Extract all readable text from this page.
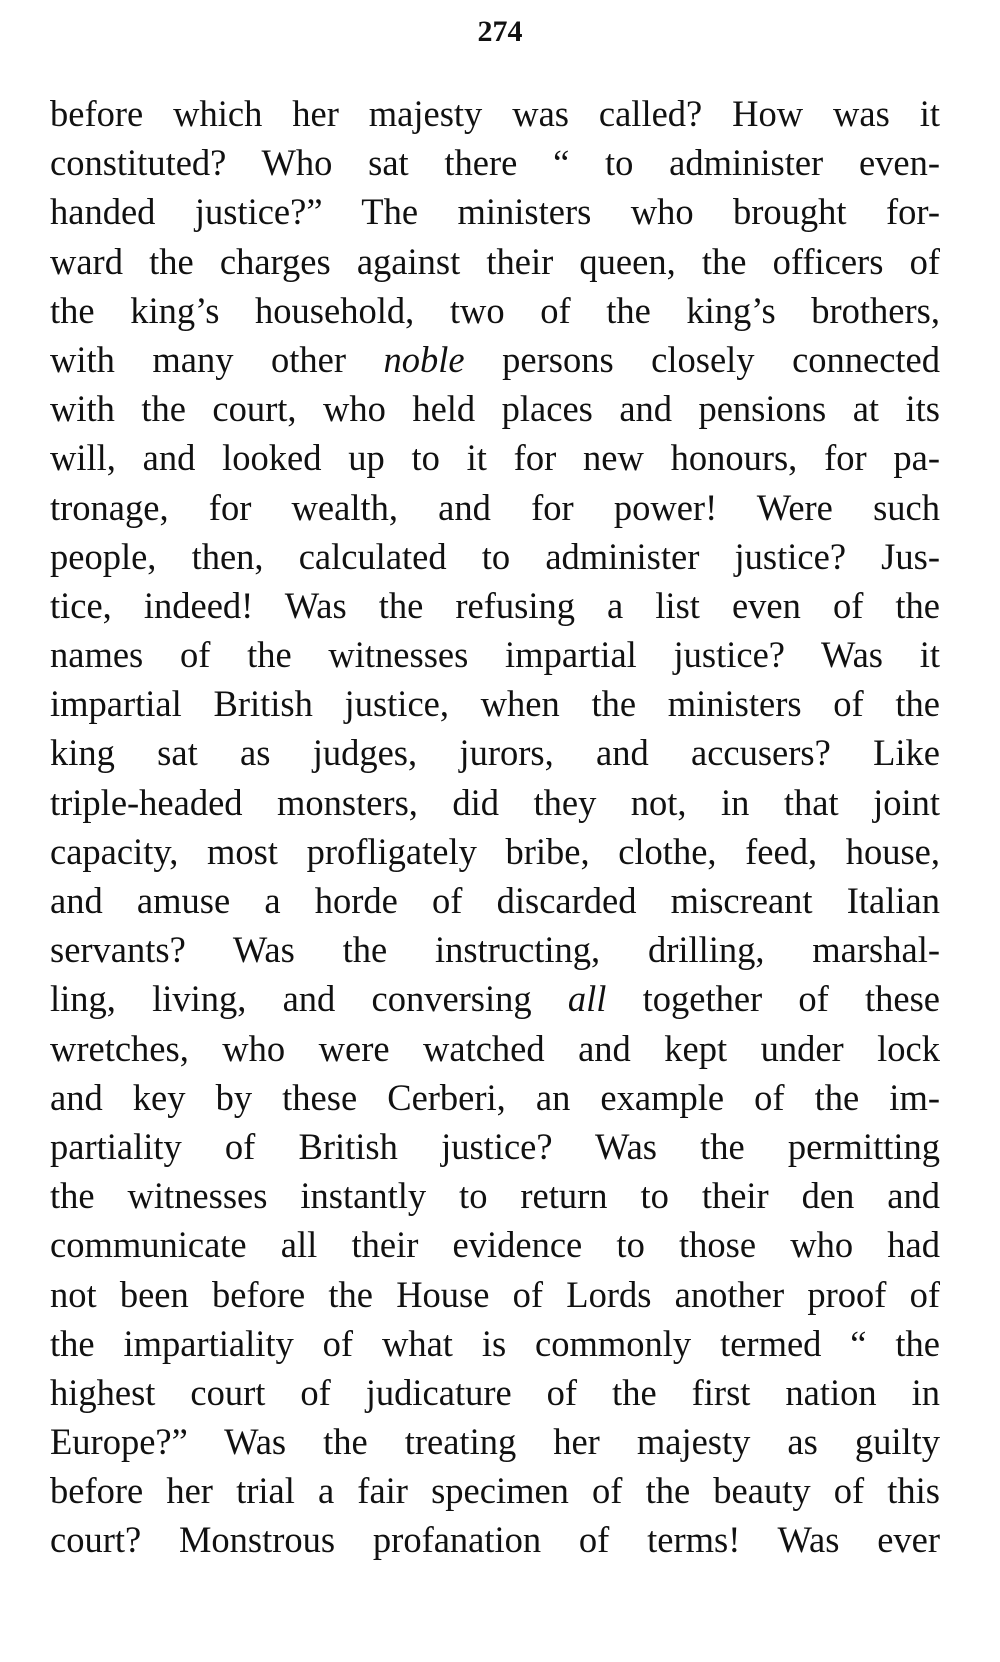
274
before which her majesty was called? How was it
constituted? Who sat there “ to administer even-
handed justice?” The ministers who brought for-
ward the charges against their queen, the officers of
the king’s household, two of the king’s brothers,
with many other noble persons closely connected
with the court, who held places and pensions at its
will, and looked up to it for new honours, for pa-
tronage, for wealth, and for power! Were such
people, then, calculated to administer justice? Jus-
tice, indeed! Was the refusing a list even of the
names of the witnesses impartial justice? Was it
impartial British justice, when the ministers of the
king sat as judges, jurors, and accusers? Like
triple-headed monsters, did they not, in that joint
capacity, most profligately bribe, clothe, feed, house,
and amuse a horde of discarded miscreant Italian
servants? Was the instructing, drilling, marshal-
ling, living, and conversing all together of these
wretches, who were watched and kept under lock
and key by these Cerberi, an example of the im-
partiality of British justice? Was the permitting
the witnesses instantly to return to their den and
communicate all their evidence to those who had
not been before the House of Lords another proof of
the impartiality of what is commonly termed “ the
highest court of judicature of the first nation in
Europe?” Was the treating her majesty as guilty
before her trial a fair specimen of the beauty of this
court? Monstrous profanation of terms! Was ever
